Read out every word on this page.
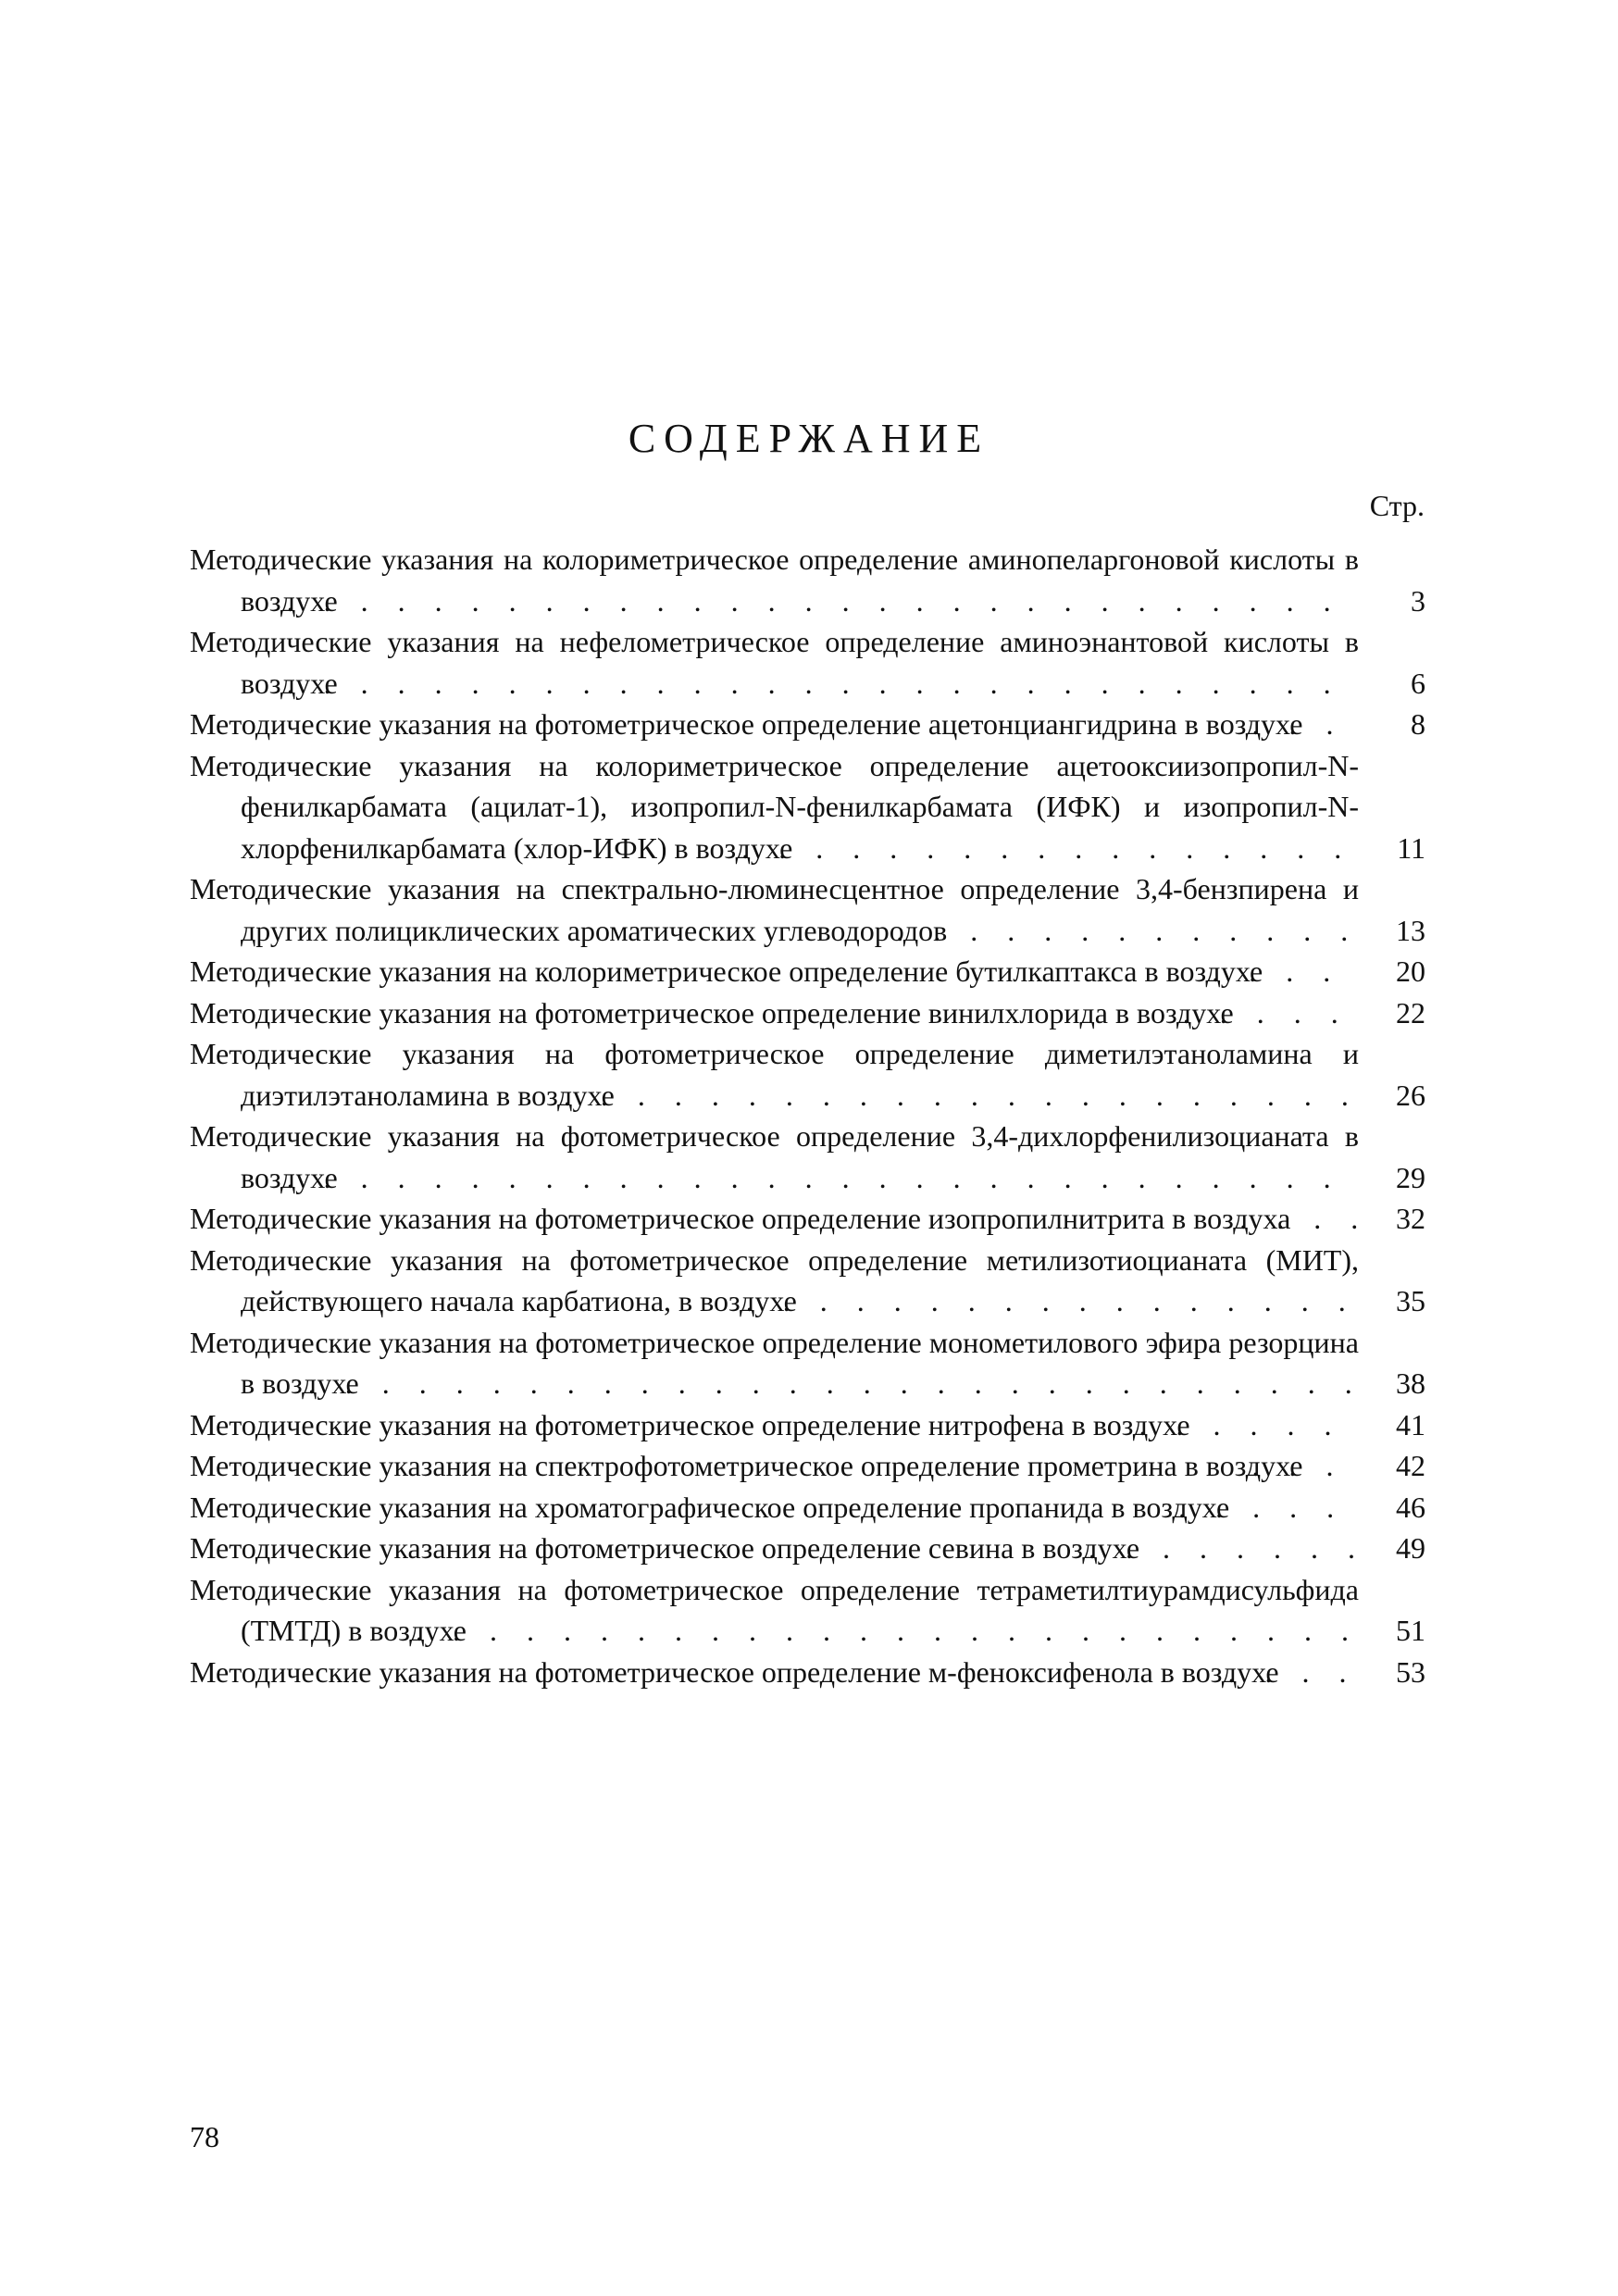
СОДЕРЖАНИЕ
Стр.
Методические указания на колориметрическое определение аминопеларгоновой кислоты в воздухе . . .	3
Методические указания на нефелометрическое определение аминоэнантовой кислоты в воздухе . . .	6
Методические указания на фотометрическое определение ацетонциангидрина в воздухе . . .	8
Методические указания на колориметрическое определение ацетооксиизопропил-N-фенилкарбамата (ацилат-1), изопропил-N-фенилкарбамата (ИФК) и изопропил-N-хлорфенилкарбамата (хлор-ИФК) в воздухе . . .	11
Методические указания на спектрально-люминесцентное определение 3,4-бензпирена и других полициклических ароматических углеводородов . . .	13
Методические указания на колориметрическое определение бутилкаптакса в воздухе . . .	20
Методические указания на фотометрическое определение винилхлорида в воздухе . . .	22
Методические указания на фотометрическое определение диметилэтаноламина и диэтилэтаноламина в воздухе . . .	26
Методические указания на фотометрическое определение 3,4-дихлорфенилизоцианата в воздухе . . .	29
Методические указания на фотометрическое определение изопропилнитрита в воздуха . . .	32
Методические указания на фотометрическое определение метилизотиоцианата (МИТ), действующего начала карбатиона, в воздухе . . .	35
Методические указания на фотометрическое определение монометилового эфира резорцина в воздухе . . .	38
Методические указания на фотометрическое определение нитрофена в воздухе . . .	41
Методические указания на спектрофотометрическое определение прометрина в воздухе . . .	42
Методические указания на хроматографическое определение пропанида в воздухе . . .	46
Методические указания на фотометрическое определение севина в воздухе . . .	49
Методические указания на фотометрическое определение тетраметилтиурамдисульфида (ТМТД) в воздухе . . .	51
Методические указания на фотометрическое определение м-феноксифенола в воздухе . . .	53
78
